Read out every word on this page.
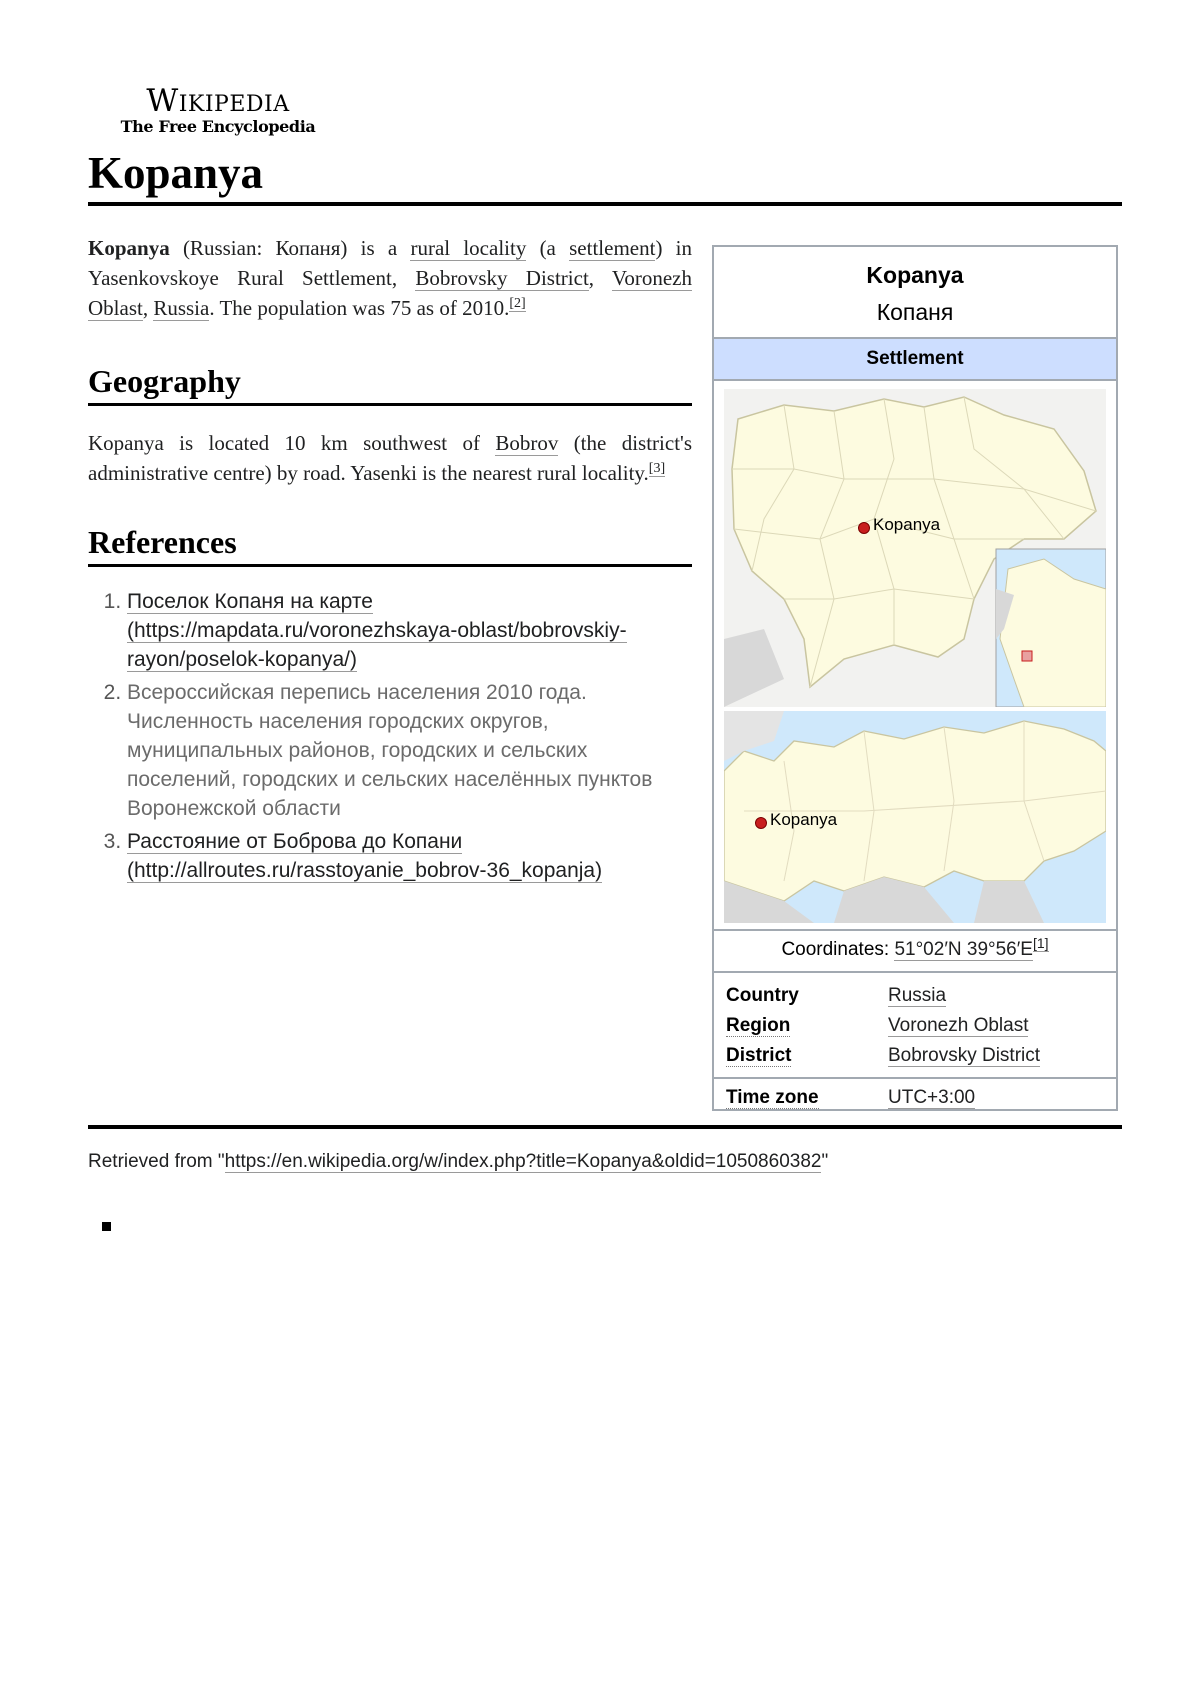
Wikipedia
The Free Encyclopedia
Kopanya

Kopanya (Russian: Копаня) is a rural locality (a settlement) in Yasenkovskoye Rural Settlement, Bobrovsky District, Voronezh Oblast, Russia. The population was 75 as of 2010.[2]

Geography

Kopanya is located 10 km southwest of Bobrov (the district's administrative centre) by road. Yasenki is the nearest rural locality.[3]

References
1. Поселок Копаня на карте (https://mapdata.ru/voronezhskaya-oblast/bobrovskiy-rayon/poselok-kopanya/)
2. Всероссийская перепись населения 2010 года. Численность населения городских округов, муниципальных районов, городских и сельских поселений, городских и сельских населённых пунктов Воронежской области
3. Расстояние от Боброва до Копани (http://allroutes.ru/rasstoyanie_bobrov-36_kopanja)
Kopanya
Копаня
Settlement
Kopanya
Kopanya
Coordinates: 51°02′N 39°56′E[1]
Country	Russia
Region	Voronezh Oblast
District	Bobrovsky District
Time zone	UTC+3:00
Retrieved from "https://en.wikipedia.org/w/index.php?title=Kopanya&oldid=1050860382"
